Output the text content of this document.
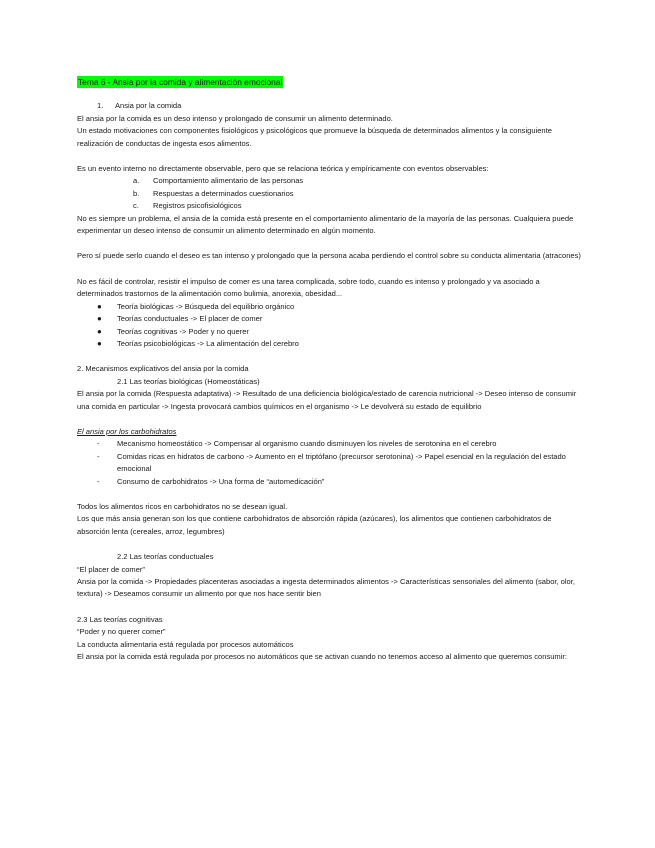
Tema 6 - Ansia por la comida y alimentación emocional

1. Ansia por la comida

El ansia por la comida es un deso intenso y prolongado de consumir un alimento determinado.

Un estado motivaciones con componentes fisiológicos y psicológicos que promueve la búsqueda de determinados alimentos y la consiguiente realización de conductas de ingesta esos alimentos.

Es un evento interno no directamente observable, pero que se relaciona teórica y empíricamente con eventos observables:

a.	Comportamiento alimentario de las personas
b.	Respuestas a determinados cuestionarios
c.	Registros psicofisiológicos

No es siempre un problema, el ansia de la comida está presente en el comportamiento alimentario de la mayoría de las personas. Cualquiera puede experimentar un deseo intenso de consumir un alimento determinado en algún momento.

Pero sí puede serlo cuando el deseo es tan intenso y prolongado que la persona acaba perdiendo el control sobre su conducta alimentaria (atracones)

No es fácil de controlar, resistir el impulso de comer es una tarea complicada, sobre todo, cuando es intenso y prolongado y va asociado a determinados trastornos de la alimentación como bulimia, anorexia, obesidad...

●	Teoría biológicas -> Búsqueda del equilibrio orgánico
●	Teorías conductuales -> El placer de comer
●	Teorías cognitivas -> Poder y no querer
●	Teorías psicobiológicas -> La alimentación del cerebro

2. Mecanismos explicativos del ansia por la comida

2.1 Las teorías biológicas (Homeostáticas)

El ansia por la comida (Respuesta adaptativa) -> Resultado de una deficiencia biológica/estado de carencia nutricional -> Deseo intenso de consumir una comida en particular -> Ingesta provocará cambios químicos en el organismo -> Le devolverá su estado de equilibrio

El ansia por los carbohidratos

-	Mecanismo homeostático -> Compensar al organismo cuando disminuyen los niveles de serotonina en el cerebro
-	Comidas ricas en hidratos de carbono -> Aumento en el triptófano (precursor serotonina) -> Papel esencial en la regulación del estado emocional
-	Consumo de carbohidratos -> Una forma de “automedicación”

Todos los alimentos ricos en carbohidratos no se desean igual.

Los que más ansia generan son los que contiene carbohidratos de absorción rápida (azúcares), los alimentos que contienen carbohidratos de absorción lenta (cereales, arroz, legumbres)

2.2 Las teorías conductuales

“El placer de comer”

Ansia por la comida -> Propiedades placenteras asociadas a ingesta determinados alimentos -> Características sensoriales del alimento (sabor, olor, textura) -> Deseamos consumir un alimento por que nos hace sentir bien

2.3 Las teorías cognitivas

“Poder y no querer comer”

La conducta alimentaria está regulada por procesos automáticos

El ansia por la comida está regulada por procesos no automáticos que se activan cuando no tenemos acceso al alimento que queremos consumir:
